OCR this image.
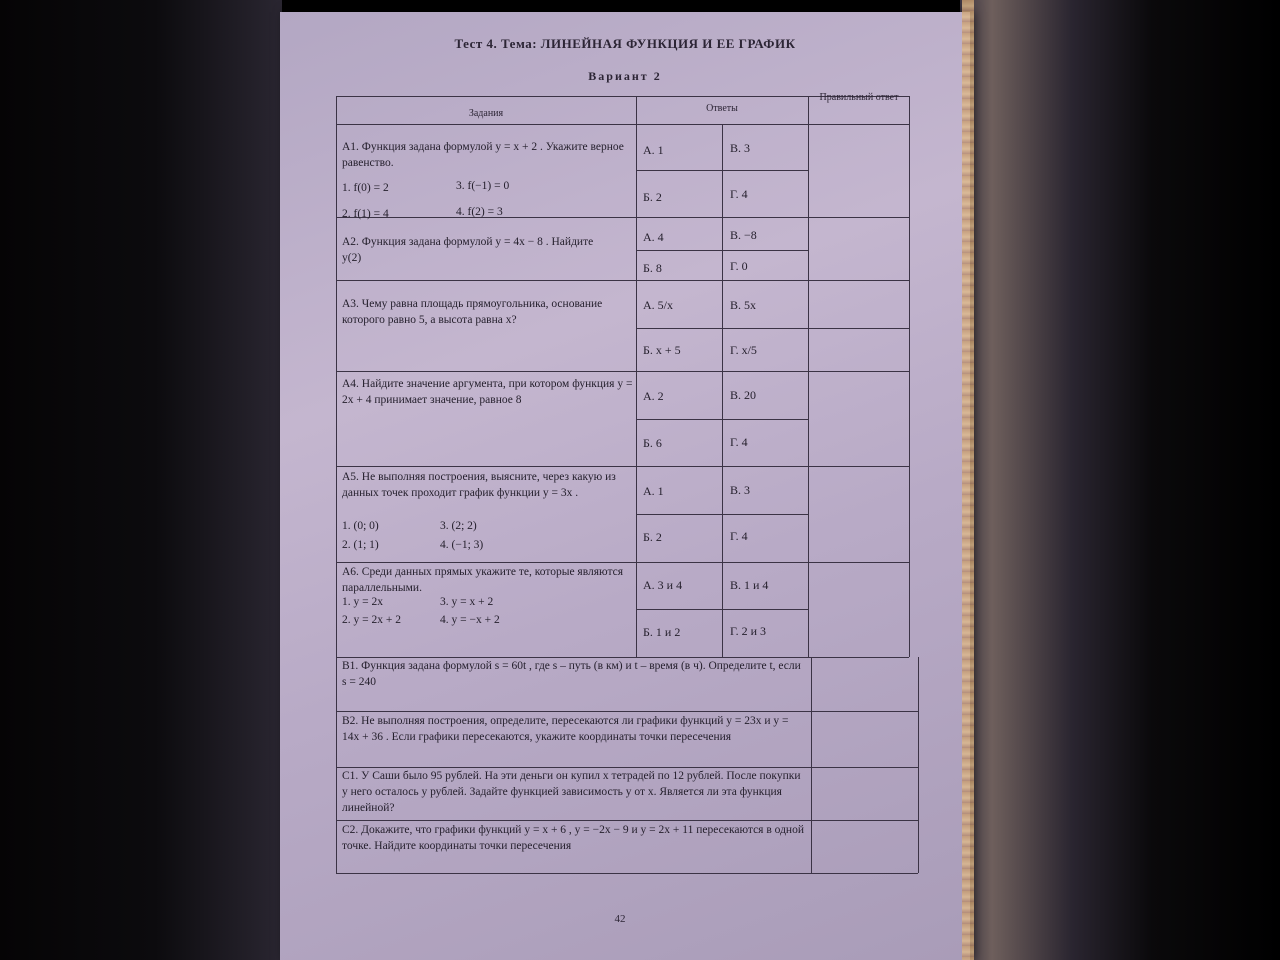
Тест 4. Тема: ЛИНЕЙНАЯ ФУНКЦИЯ И ЕЕ ГРАФИК
Вариант 2
Задания	Ответы
Правильный ответ
А1. Функция задана формулой y = x + 2 . Укажите верное равенство.
1. f(0) = 2
2. f(1) = 4
3. f(−1) = 0
4. f(2) = 3
А. 1	В. 3
Б. 2	Г. 4
А2. Функция задана формулой y = 4x − 8 . Найдите y(2)
А. 4	В. −8
Б. 8	Г. 0
А3. Чему равна площадь прямоугольника, основание которого равно 5, а высота равна x?
А. 5/x	В. 5x
Б. x + 5	Г. x/5
А4. Найдите значение аргумента, при котором функция y = 2x + 4 принимает значение, равное 8	А. 2	В. 20
Б. 6	Г. 4
А5. Не выполняя построения, выясните, через какую из данных точек проходит график функции y = 3x .
1. (0; 0)
2. (1; 1)
3. (2; 2)
4. (−1; 3)
А. 1	В. 3
Б. 2	Г. 4
А6. Среди данных прямых укажите те, которые являются параллельными.
1. y = 2x
2. y = 2x + 2
3. y = x + 2
4. y = −x + 2
А. 3 и 4	В. 1 и 4
Б. 1 и 2	Г. 2 и 3
В1. Функция задана формулой s = 60t , где s – путь (в км) и t – время (в ч). Определите t, если s = 240
В2. Не выполняя построения, определите, пересекаются ли графики функций y = 23x и y = 14x + 36 . Если графики пересекаются, укажите координаты точки пересечения
С1. У Саши было 95 рублей. На эти деньги он купил x тетрадей по 12 рублей. После покупки у него осталось y рублей. Задайте функцией зависимость y от x. Является ли эта функция линейной?
С2. Докажите, что графики функций y = x + 6 , y = −2x − 9 и y = 2x + 11 пересекаются в одной точке. Найдите координаты точки пересечения
42
